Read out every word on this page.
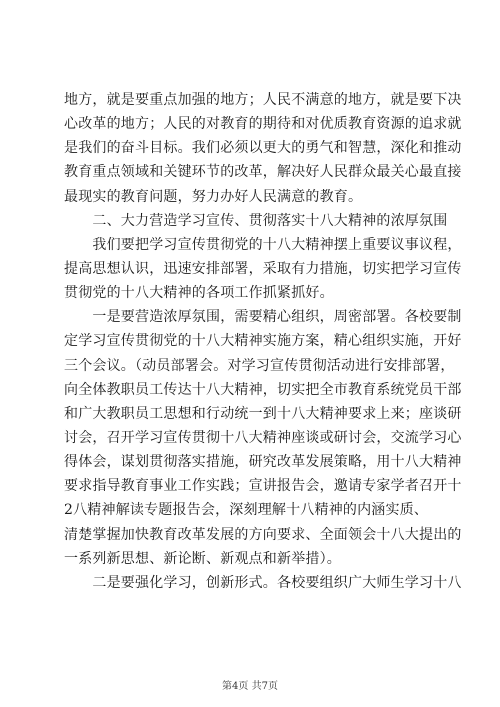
地方，就是要重点加强的地方；人民不满意的地方，就是要下决
心改革的地方；人民的对教育的期待和对优质教育资源的追求就
是我们的奋斗目标。我们必须以更大的勇气和智慧，深化和推动
教育重点领域和关键环节的改革，解决好人民群众最关心最直接
最现实的教育问题，努力办好人民满意的教育。
　　二、大力营造学习宣传、贯彻落实十八大精神的浓厚氛围
　　我们要把学习宣传贯彻党的十八大精神摆上重要议事议程，
提高思想认识，迅速安排部署，采取有力措施，切实把学习宣传
贯彻党的十八大精神的各项工作抓紧抓好。
　　一是要营造浓厚氛围，需要精心组织，周密部署。各校要制
定学习宣传贯彻党的十八大精神实施方案，精心组织实施，开好
三个会议。（动员部署会。对学习宣传贯彻活动进行安排部署，
向全体教职员工传达十八大精神，切实把全市教育系统党员干部
和广大教职员工思想和行动统一到十八大精神要求上来；座谈研
讨会，召开学习宣传贯彻十八大精神座谈或研讨会，交流学习心
得体会，谋划贯彻落实措施，研究改革发展策略，用十八大精神
要求指导教育事业工作实践；宣讲报告会，邀请专家学者召开十
2八精神解读专题报告会，深刻理解十八精神的内涵实质、
清楚掌握加快教育改革发展的方向要求、全面领会十八大提出的
一系列新思想、新论断、新观点和新举措）。
　　二是要强化学习，创新形式。各校要组织广大师生学习十八
第4页 共7页
